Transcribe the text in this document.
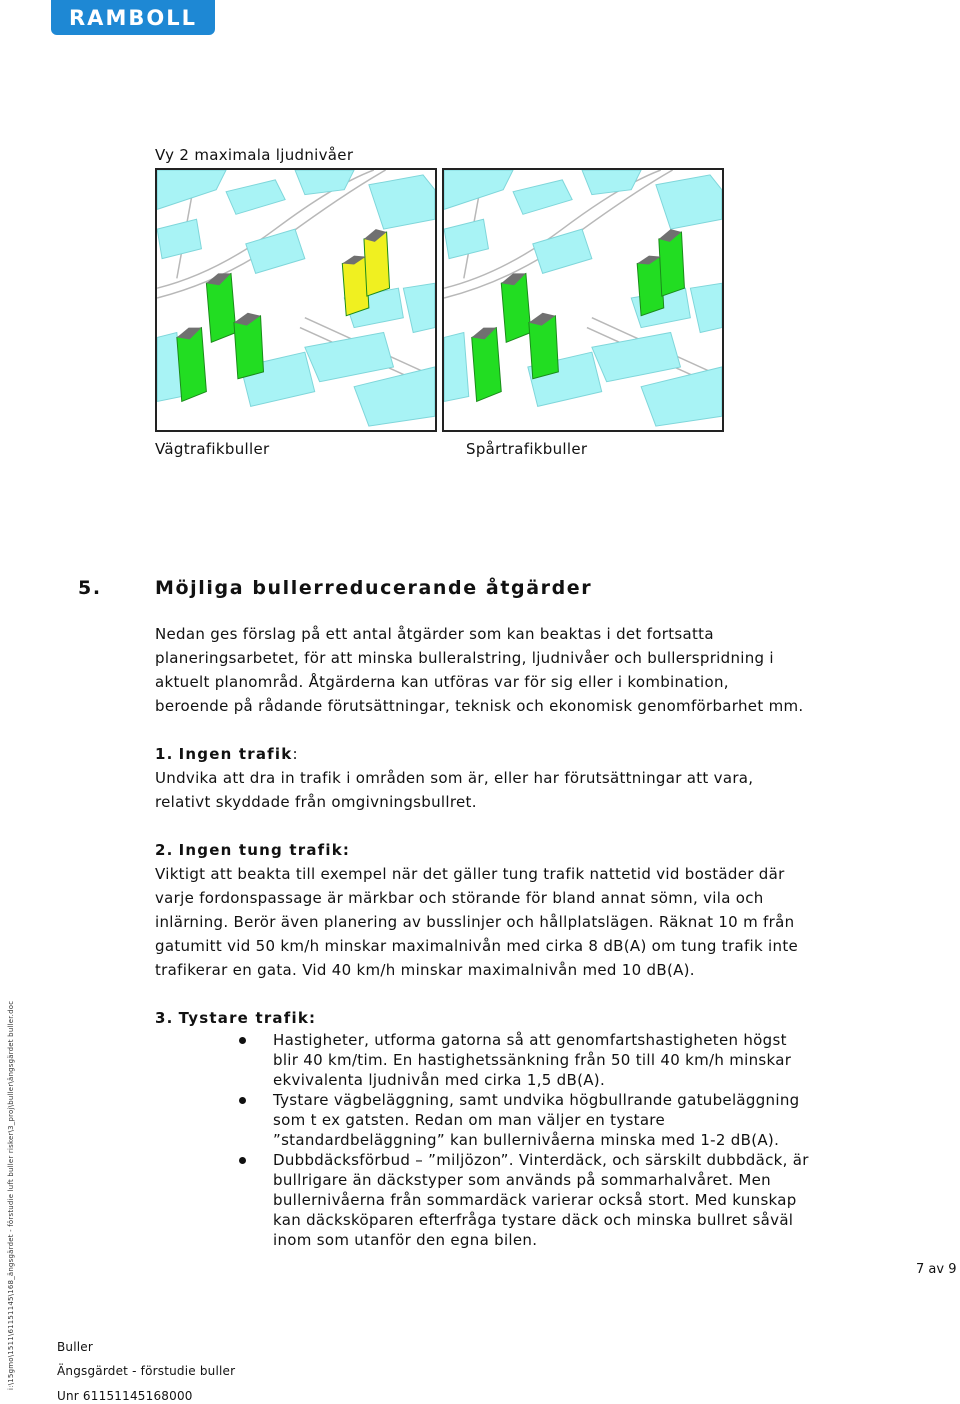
RAMBOLL
Vy 2 maximala ljudnivåer
Vägtrafikbuller	Spårtrafikbuller
5.	Möjliga bullerreducerande åtgärder
Nedan ges förslag på ett antal åtgärder som kan beaktas i det fortsatta
planeringsarbetet, för att minska bulleralstring, ljudnivåer och bullerspridning i
aktuelt planområd. Åtgärderna kan utföras var för sig eller i kombination,
beroende på rådande förutsättningar, teknisk och ekonomisk genomförbarhet mm.
1. Ingen trafik:
Undvika att dra in trafik i områden som är, eller har förutsättningar att vara,
relativt skyddade från omgivningsbullret.
2. Ingen tung trafik:
Viktigt att beakta till exempel när det gäller tung trafik nattetid vid bostäder där
varje fordonspassage är märkbar och störande för bland annat sömn, vila och
inlärning. Berör även planering av busslinjer och hållplatslägen. Räknat 10 m från
gatumitt vid 50 km/h minskar maximalnivån med cirka 8 dB(A) om tung trafik inte
trafikerar en gata. Vid 40 km/h minskar maximalnivån med 10 dB(A).
3. Tystare trafik:
Hastigheter, utforma gatorna så att genomfartshastigheten högst
blir 40 km/tim. En hastighetssänkning från 50 till 40 km/h minskar
ekvivalenta ljudnivån med cirka 1,5 dB(A).
Tystare vägbeläggning, samt undvika högbullrande gatubeläggning
som t ex gatsten. Redan om man väljer en tystare
”standardbeläggning” kan bullernivåerna minska med 1-2 dB(A).
Dubbdäcksförbud – ”miljözon”. Vinterdäck, och särskilt dubbdäck, är
bullrigare än däckstyper som används på sommarhalvåret. Men
bullernivåerna från sommardäck varierar också stort. Med kunskap
kan däcksköparen efterfråga tystare däck och minska bullret såväl
inom som utanför den egna bilen.
i:\15gmo\1511\61151145\168_ängsgärdet - förstudie luft buller risker\3_proj\buller\ängsgärdet buller.doc	7 av 9
Buller
Ängsgärdet - förstudie buller
Unr 61151145168000
